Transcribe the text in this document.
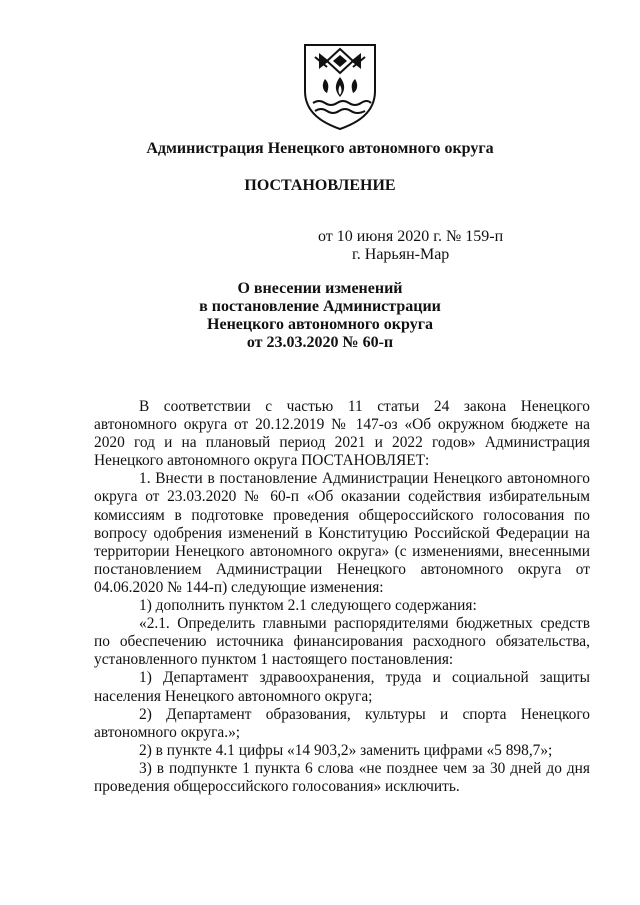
Администрация Ненецкого автономного округа
ПОСТАНОВЛЕНИЕ
от 10 июня 2020 г. № 159-п
г. Нарьян-Мар
О внесении изменений
в постановление Администрации
Ненецкого автономного округа
от 23.03.2020 № 60-п

В соответствии с частью 11 статьи 24 закона Ненецкого автономного округа от 20.12.2019 № 147-оз «Об окружном бюджете на 2020 год и на плановый период 2021 и 2022 годов» Администрация Ненецкого автономного округа ПОСТАНОВЛЯЕТ:

1. Внести в постановление Администрации Ненецкого автономного округа от 23.03.2020 № 60-п «Об оказании содействия избирательным комиссиям в подготовке проведения общероссийского голосования по вопросу одобрения изменений в Конституцию Российской Федерации на территории Ненецкого автономного округа» (с изменениями, внесенными постановлением Администрации Ненецкого автономного округа от 04.06.2020 № 144-п) следующие изменения:

1) дополнить пунктом 2.1 следующего содержания:

«2.1. Определить главными распорядителями бюджетных средств по обеспечению источника финансирования расходного обязательства, установленного пунктом 1 настоящего постановления:

1) Департамент здравоохранения, труда и социальной защиты населения Ненецкого автономного округа;

2) Департамент образования, культуры и спорта Ненецкого автономного округа.»;

2) в пункте 4.1 цифры «14 903,2» заменить цифрами «5 898,7»;

3) в подпункте 1 пункта 6 слова «не позднее чем за 30 дней до дня проведения общероссийского голосования» исключить.
